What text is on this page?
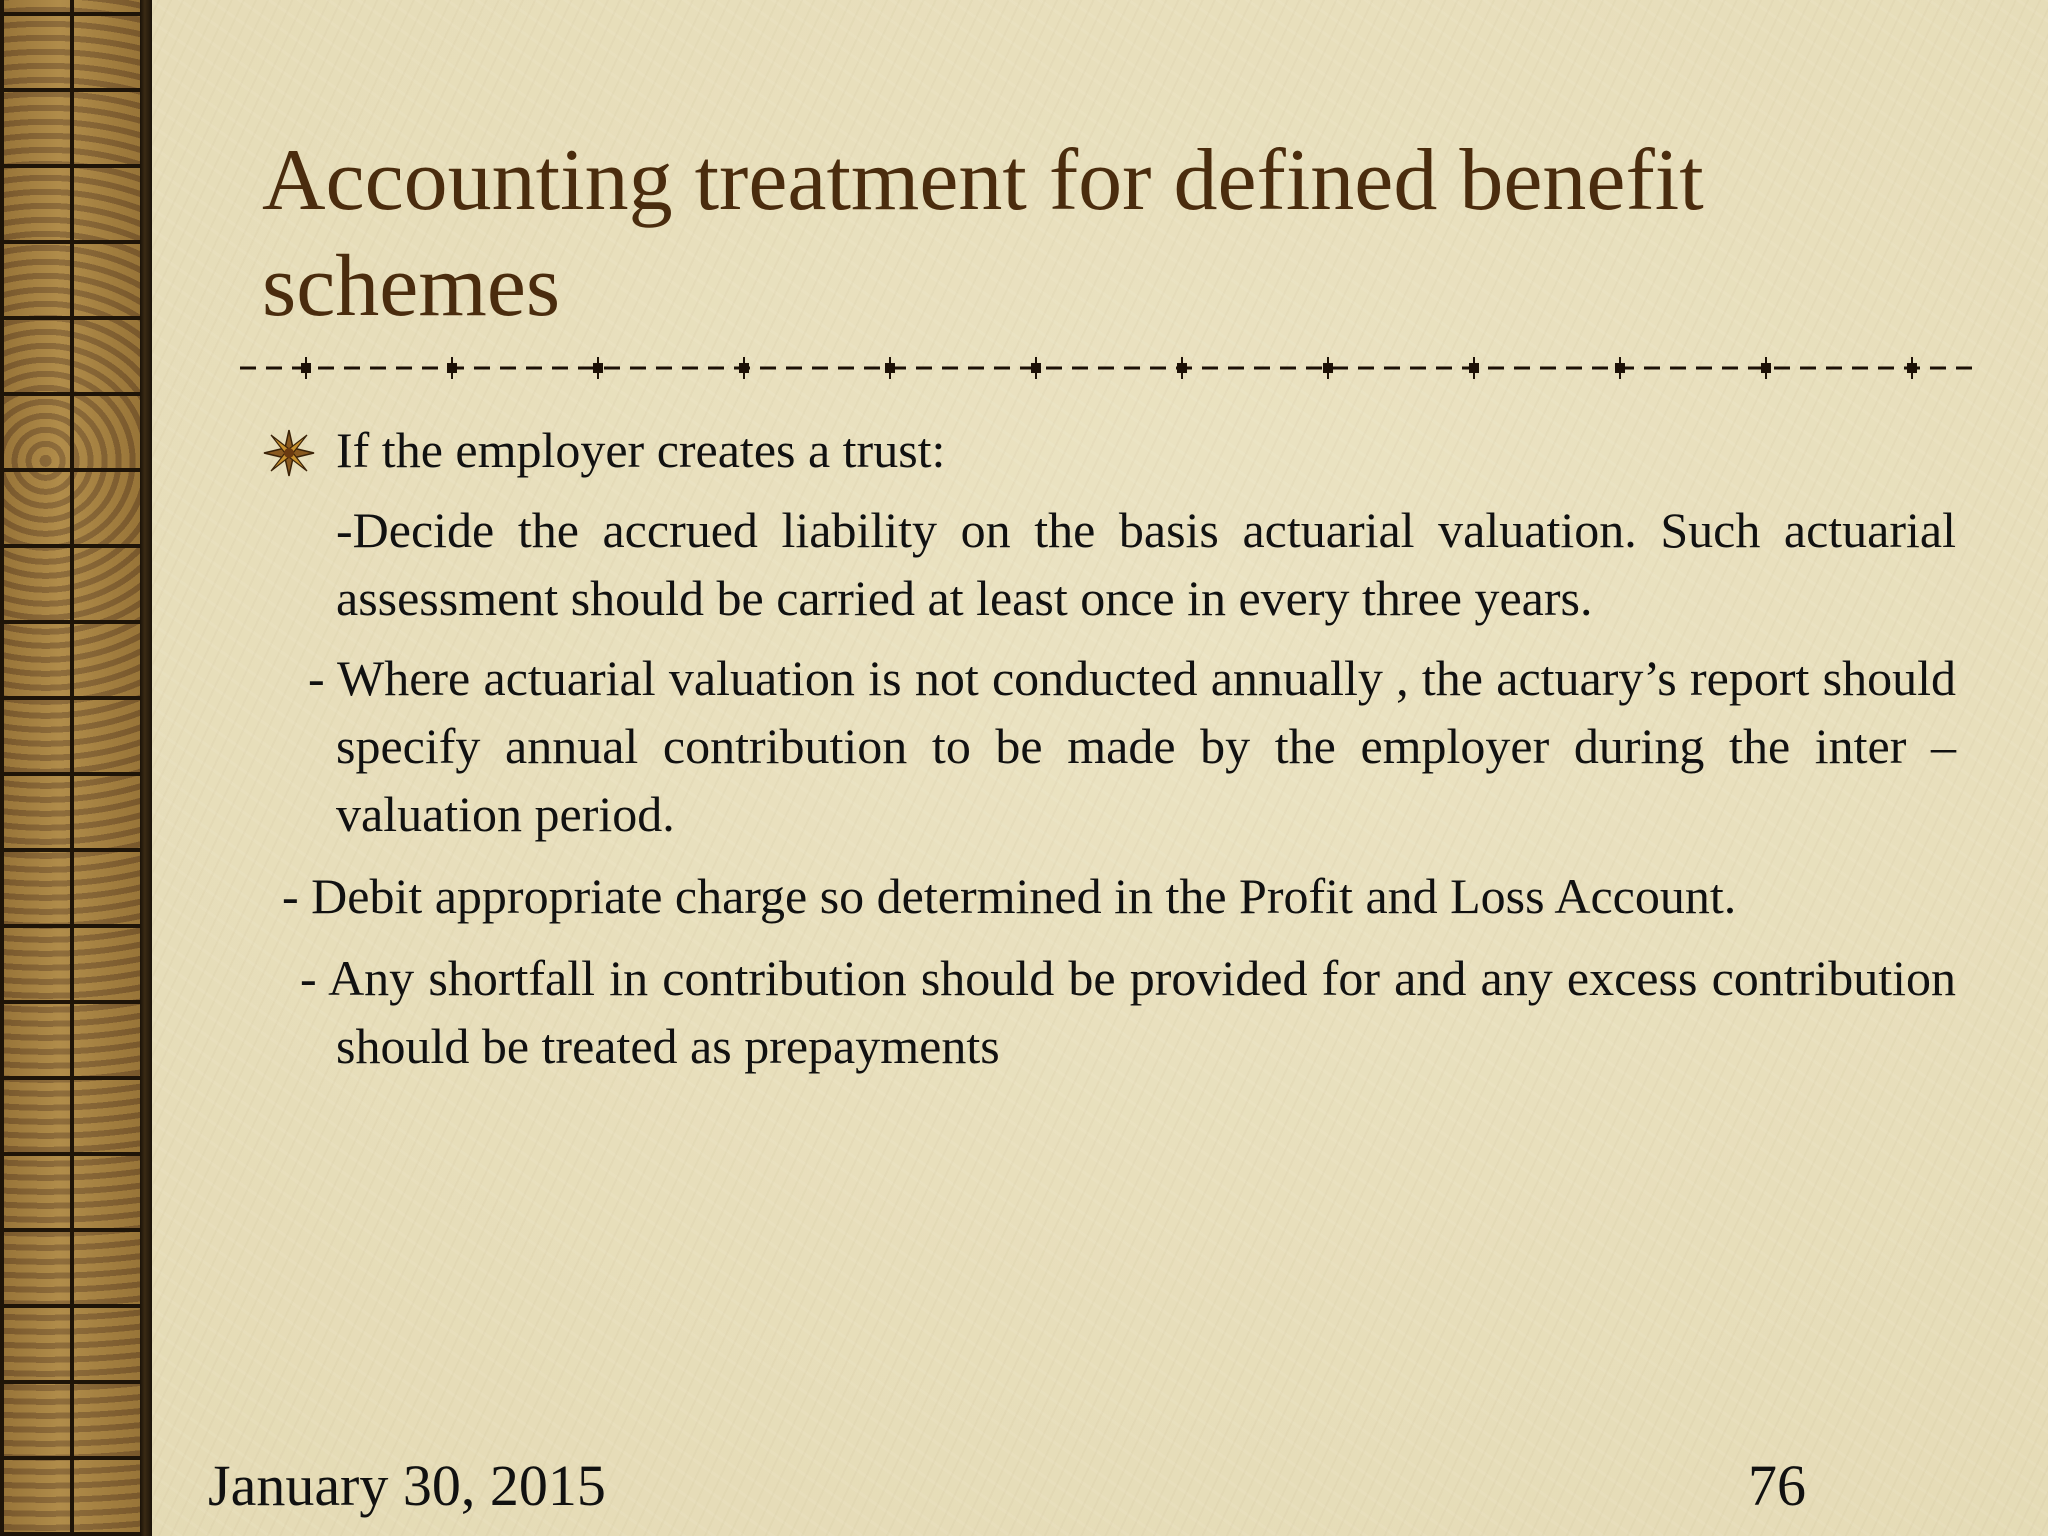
Accounting treatment for defined benefit schemes
If the employer creates a trust:

-Decide the accrued liability on the basis actuarial valuation. Such actuarial assessment should be carried at least once in every three years.

- Where actuarial valuation is not conducted annually , the actuary’s report should specify annual contribution to be made by the employer during the inter – valuation period.

- Debit appropriate charge so determined in the Profit and Loss Account.

- Any shortfall in contribution should be provided for and any excess contribution should be treated as prepayments

January 30, 2015	76
